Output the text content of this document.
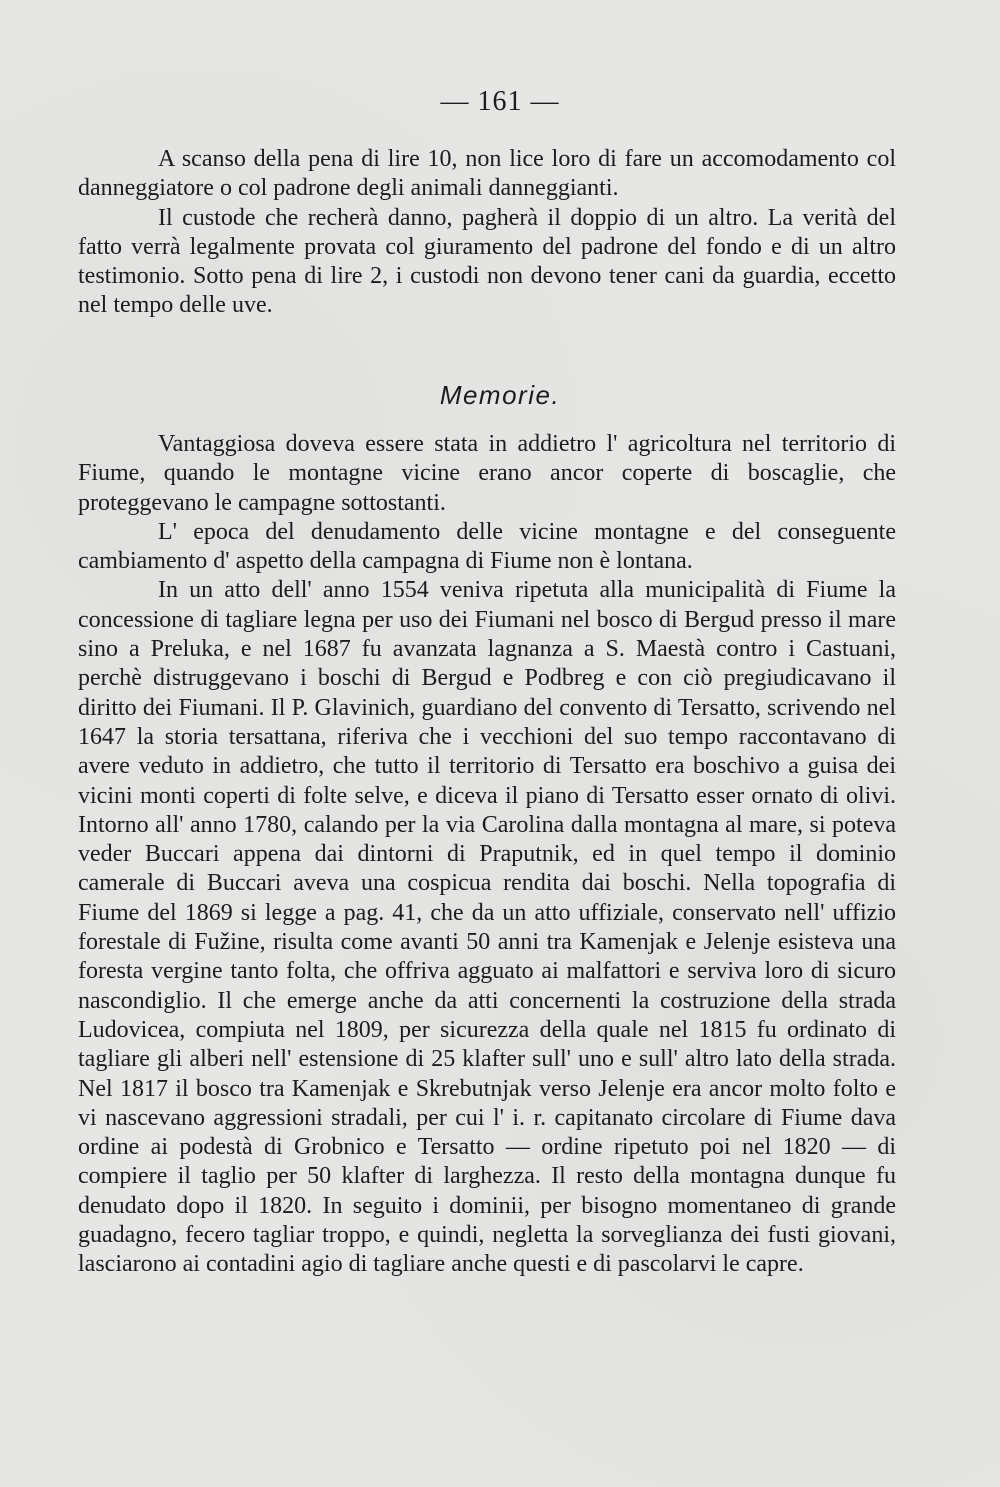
— 161 —

A scanso della pena di lire 10, non lice loro di fare un accomodamento col danneggiatore o col padrone degli animali danneggianti.

Il custode che recherà danno, pagherà il doppio di un altro. La verità del fatto verrà legalmente provata col giuramento del padrone del fondo e di un altro testimonio. Sotto pena di lire 2, i custodi non devono tener cani da guardia, eccetto nel tempo delle uve.

Memorie.

Vantaggiosa doveva essere stata in addietro l' agricoltura nel territorio di Fiume, quando le montagne vicine erano ancor coperte di boscaglie, che proteggevano le campagne sottostanti.

L' epoca del denudamento delle vicine montagne e del conseguente cambiamento d' aspetto della campagna di Fiume non è lontana.

In un atto dell' anno 1554 veniva ripetuta alla municipalità di Fiume la concessione di tagliare legna per uso dei Fiumani nel bosco di Bergud presso il mare sino a Preluka, e nel 1687 fu avanzata lagnanza a S. Maestà contro i Castuani, perchè distruggevano i boschi di Bergud e Podbreg e con ciò pregiudicavano il diritto dei Fiumani. Il P. Glavinich, guardiano del convento di Tersatto, scrivendo nel 1647 la storia tersattana, riferiva che i vecchioni del suo tempo raccontavano di avere veduto in addietro, che tutto il territorio di Tersatto era boschivo a guisa dei vicini monti coperti di folte selve, e diceva il piano di Tersatto esser ornato di olivi. Intorno all' anno 1780, calando per la via Carolina dalla montagna al mare, si poteva veder Buccari appena dai dintorni di Praputnik, ed in quel tempo il dominio camerale di Buccari aveva una cospicua rendita dai boschi. Nella topografia di Fiume del 1869 si legge a pag. 41, che da un atto uffiziale, conservato nell' uffizio forestale di Fužine, risulta come avanti 50 anni tra Kamenjak e Jelenje esisteva una foresta vergine tanto folta, che offriva agguato ai malfattori e serviva loro di sicuro nascondiglio. Il che emerge anche da atti concernenti la costruzione della strada Ludovicea, compiuta nel 1809, per sicurezza della quale nel 1815 fu ordinato di tagliare gli alberi nell' estensione di 25 klafter sull' uno e sull' altro lato della strada. Nel 1817 il bosco tra Kamenjak e Skrebutnjak verso Jelenje era ancor molto folto e vi nascevano aggressioni stradali, per cui l' i. r. capitanato circolare di Fiume dava ordine ai podestà di Grobnico e Tersatto — ordine ripetuto poi nel 1820 — di compiere il taglio per 50 klafter di larghezza. Il resto della montagna dunque fu denudato dopo il 1820. In seguito i dominii, per bisogno momentaneo di grande guadagno, fecero tagliar troppo, e quindi, negletta la sorveglianza dei fusti giovani, lasciarono ai contadini agio di tagliare anche questi e di pascolarvi le capre.
